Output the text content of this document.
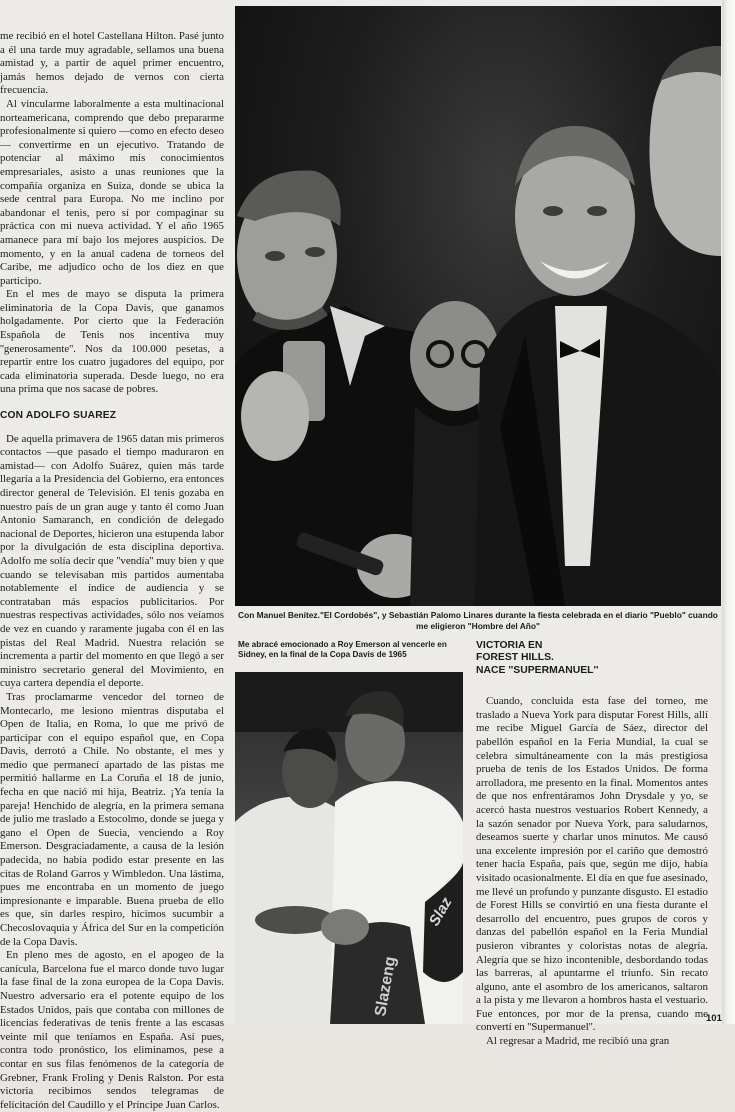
me recibió en el hotel Castellana Hilton. Pasé junto a él una tarde muy agradable, sellamos una buena amistad y, a partir de aquel primer encuentro, jamás hemos dejado de vernos con cierta frecuencia.

Al vincularme laboralmente a esta multinacional norteamericana, comprendo que debo prepararme profesionalmente si quiero —como en efecto deseo— convertirme en un ejecutivo. Tratando de potenciar al máximo mis conocimientos empresariales, asisto a unas reuniones que la compañía organiza en Suiza, donde se ubica la sede central para Europa. No me inclino por abandonar el tenis, pero sí por compaginar su práctica con mi nueva actividad. Y el año 1965 amanece para mí bajo los mejores auspicios. De momento, y en la anual cadena de torneos del Caribe, me adjudico ocho de los diez en que participo.

En el mes de mayo se disputa la primera eliminatoria de la Copa Davis, que ganamos holgadamente. Por cierto que la Federación Española de Tenis nos incentiva muy ''generosamente''. Nos da 100.000 pesetas, a repartir entre los cuatro jugadores del equipo, por cada eliminatoria superada. Desde luego, no era una prima que nos sacase de pobres.

CON ADOLFO SUAREZ

De aquella primavera de 1965 datan mis primeros contactos —que pasado el tiempo maduraron en amistad— con Adolfo Suárez, quien más tarde llegaría a la Presidencia del Gobierno, era entonces director general de Televisión. El tenis gozaba en nuestro país de un gran auge y tanto él como Juan Antonio Samaranch, en condición de delegado nacional de Deportes, hicieron una estupenda labor por la divulgación de esta disciplina deportiva. Adolfo me solía decir que ''vendía'' muy bien y que cuando se televisaban mis partidos aumentaba notablemente el índice de audiencia y se contrataban más espacios publicitarios. Por nuestras respectivas actividades, sólo nos veíamos de vez en cuando y raramente jugaba con él en las pistas del Real Madrid. Nuestra relación se incrementa a partir del momento en que llegó a ser ministro secretario general del Movimiento, en cuya cartera dependía el deporte.

Tras proclamarme vencedor del torneo de Montecarlo, me lesiono mientras disputaba el Open de Italia, en Roma, lo que me privó de participar con el equipo español que, en Copa Davis, derrotó a Chile. No obstante, el mes y medio que permanecí apartado de las pistas me permitió hallarme en La Coruña el 18 de junio, fecha en que nació mi hija, Beatriz. ¡Ya tenía la pareja! Henchido de alegría, en la primera semana de julio me traslado a Estocolmo, donde se juega y gano el Open de Suecia, venciendo a Roy Emerson. Desgraciadamente, a causa de la lesión padecida, no había podido estar presente en las citas de Roland Garros y Wimbledon. Una lástima, pues me encontraba en un momento de juego impresionante e imparable. Buena prueba de ello es que, sin darles respiro, hicimos sucumbir a Checoslovaquia y África del Sur en la competición de la Copa Davis.

En pleno mes de agosto, en el apogeo de la canícula, Barcelona fue el marco donde tuvo lugar la fase final de la zona europea de la Copa Davis. Nuestro adversario era el potente equipo de los Estados Unidos, país que contaba con millones de licencias federativas de tenis frente a las escasas veinte mil que teníamos en España. Así pues, contra todo pronóstico, los eliminamos, pese a contar en sus filas fenómenos de la categoría de Grebner, Frank Froling y Denis Ralston. Por esta victoria recibimos sendos telegramas de felicitación del Caudillo y el Príncipe Juan Carlos.

Con Manuel Benítez."El Cordobés", y Sebastián Palomo Linares durante la fiesta celebrada en el diario "Pueblo" cuando me eligieron "Hombre del Año"
Me abracé emocionado a Roy Emerson al vencerle en Sidney, en la final de la Copa Davis de 1965
Slaz
Slazeng
VICTORIA EN
FOREST HILLS.
NACE ''SUPERMANUEL''

Cuando, concluida esta fase del torneo, me traslado a Nueva York para disputar Forest Hills, allí me recibe Miguel García de Sáez, director del pabellón español en la Feria Mundial, la cual se celebra simultáneamente con la más prestigiosa prueba de tenis de los Estados Unidos. De forma arrolladora, me presento en la final. Momentos antes de que nos enfrentáramos John Drysdale y yo, se acercó hasta nuestros vestuarios Robert Kennedy, a la sazón senador por Nueva York, para saludarnos, deseamos suerte y charlar unos minutos. Me causó una excelente impresión por el cariño que demostró tener hacia España, país que, según me dijo, había visitado ocasionalmente. El día en que fue asesinado, me llevé un profundo y punzante disgusto. El estadio de Forest Hills se convirtió en una fiesta durante el desarrollo del encuentro, pues grupos de coros y danzas del pabellón español en la Feria Mundial pusieron vibrantes y coloristas notas de alegría. Alegría que se hizo incontenible, desbordando todas las barreras, al apuntarme el triunfo. Sin recato alguno, ante el asombro de los americanos, saltaron a la pista y me llevaron a hombros hasta el vestuario. Fue entonces, por mor de la prensa, cuando me convertí en ''Supermanuel''.

Al regresar a Madrid, me recibió una gran

101
